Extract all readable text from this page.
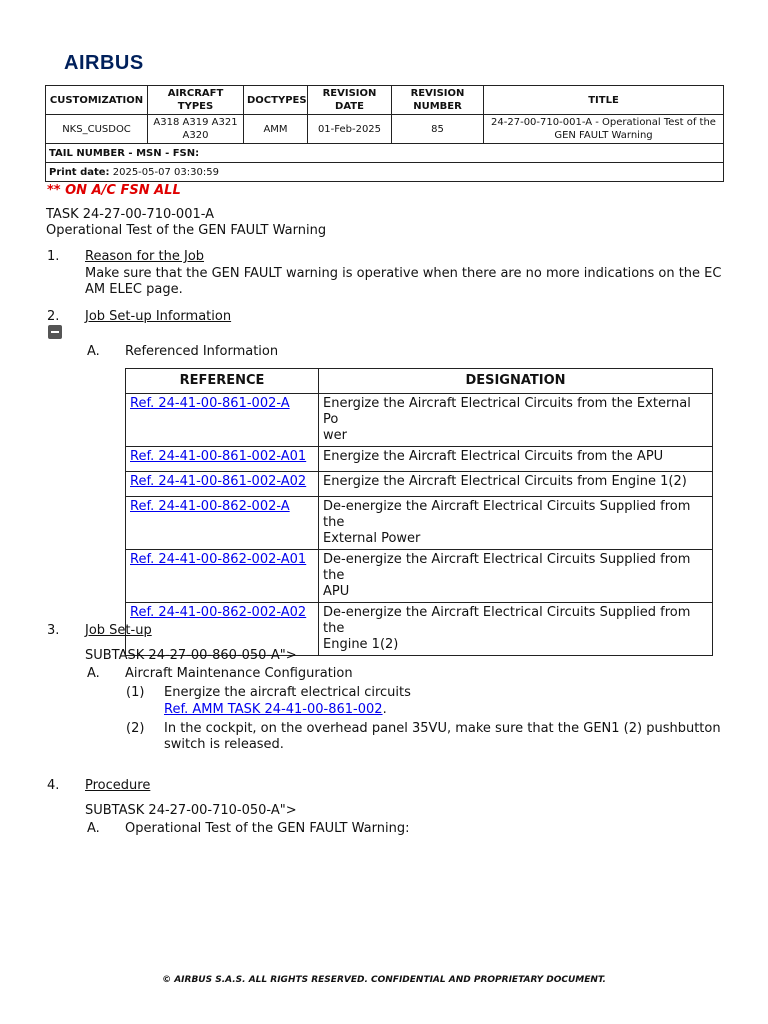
AIRBUS
CUSTOMIZATION	AIRCRAFT TYPES	DOCTYPES	REVISION DATE	REVISION NUMBER	TITLE
NKS_CUSDOC	A318 A319 A321 A320	AMM	01-Feb-2025	85	24-27-00-710-001-A - Operational Test of the GEN FAULT Warning
TAIL NUMBER - MSN - FSN:					
Print date: 2025-05-07 03:30:59					
** ON A/C FSN ALL
TASK 24-27-00-710-001-A
Operational Test of the GEN FAULT Warning
1. Reason for the Job
Make sure that the GEN FAULT warning is operative when there are no more indications on the EC
AM ELEC page.
2. Job Set-up Information
A. Referenced Information
REFERENCE	DESIGNATION
Ref. 24-41-00-861-002-A	Energize the Aircraft Electrical Circuits from the External Po
wer
Ref. 24-41-00-861-002-A01	Energize the Aircraft Electrical Circuits from the APU
Ref. 24-41-00-861-002-A02	Energize the Aircraft Electrical Circuits from Engine 1(2)
Ref. 24-41-00-862-002-A	De-energize the Aircraft Electrical Circuits Supplied from the
External Power
Ref. 24-41-00-862-002-A01	De-energize the Aircraft Electrical Circuits Supplied from the
APU
Ref. 24-41-00-862-002-A02	De-energize the Aircraft Electrical Circuits Supplied from the
Engine 1(2)
3. Job Set-up
SUBTASK 24-27-00-860-050-A">
A. Aircraft Maintenance Configuration
(1) Energize the aircraft electrical circuits
Ref. AMM TASK 24-41-00-861-002.
(2) In the cockpit, on the overhead panel 35VU, make sure that the GEN1 (2) pushbutton
switch is released.
4. Procedure
SUBTASK 24-27-00-710-050-A">
A. Operational Test of the GEN FAULT Warning:
© AIRBUS S.A.S. ALL RIGHTS RESERVED. CONFIDENTIAL AND PROPRIETARY DOCUMENT.
